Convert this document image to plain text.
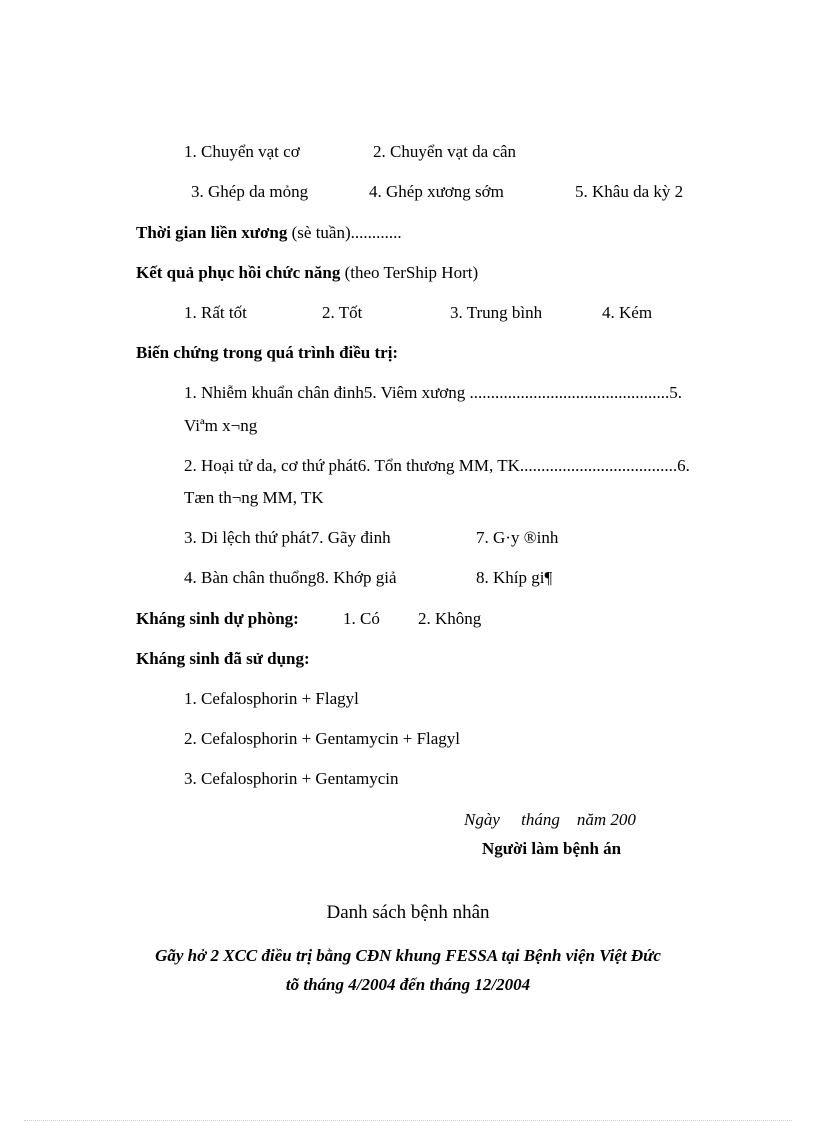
1. Chuyển vạt cơ	2. Chuyển vạt da cân
3. Ghép da mỏng	4. Ghép xương sớm	5. Khâu da kỳ 2
Thời gian liền xương (sè tuần)............
Kết quả phục hồi chức năng (theo TerShip Hort)
1. Rất tốt	2. Tốt	3. Trung bình	4. Kém
Biến chứng trong quá trình điều trị:
1. Nhiễm khuẩn chân đinh5. Viêm xương ...............................................5.
Viªm x¬ng
2. Hoại tử da, cơ thứ phát6. Tổn thương MM, TK.....................................6.
Tæn th¬ng MM, TK
3. Di lệch thứ phát7. Gãy đinh	7. G·y ®inh
4. Bàn chân thuổng8. Khớp giả	8. Khíp gi¶
Kháng sinh dự phòng:	1. Có 2. Không
Kháng sinh đã sử dụng:
1. Cefalosphorin + Flagyl
2. Cefalosphorin + Gentamycin + Flagyl
3. Cefalosphorin + Gentamycin
Ngày     tháng    năm 200
Người làm bệnh án
Danh sách bệnh nhân
Gãy hở 2 XCC điều trị bằng CĐN khung FESSA tại Bệnh viện Việt Đức
tõ tháng 4/2004 đến tháng 12/2004
